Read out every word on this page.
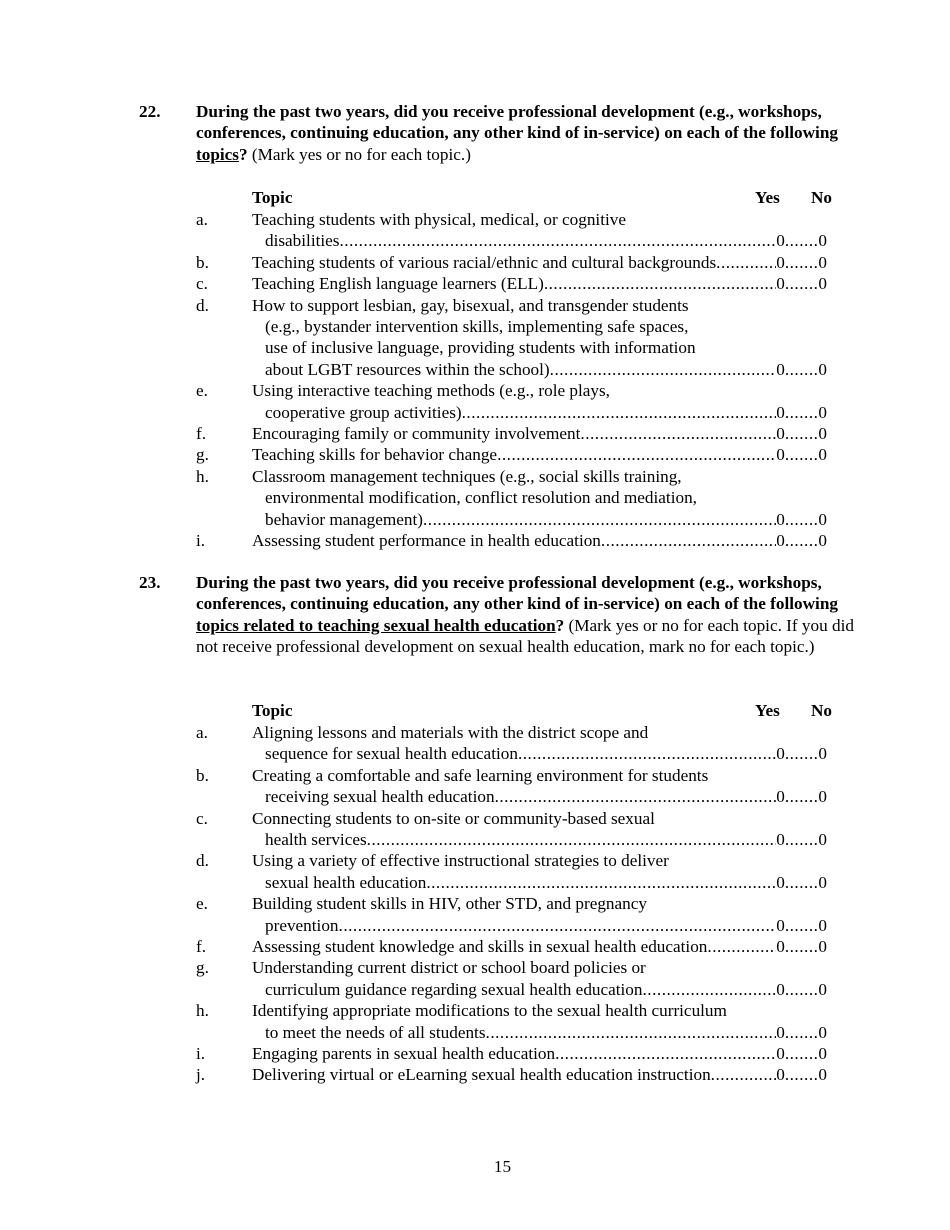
22. During the past two years, did you receive professional development (e.g., workshops, conferences, continuing education, any other kind of in-service) on each of the following topics? (Mark yes or no for each topic.)
Topic	Yes No
a.	Teaching students with physical, medical, or cognitive
disabilities .....	0 ....... 0
b.	Teaching students of various racial/ethnic and cultural backgrounds .....	0 ....... 0
c.	Teaching English language learners (ELL) .....	0 ....... 0
d.	How to support lesbian, gay, bisexual, and transgender students
(e.g., bystander intervention skills, implementing safe spaces,
use of inclusive language, providing students with information
about LGBT resources within the school) .....	0 ....... 0
e.	Using interactive teaching methods (e.g., role plays,
cooperative group activities) .....	0 ....... 0
f.	Encouraging family or community involvement .....	0 ....... 0
g.	Teaching skills for behavior change .....	0 ....... 0
h.	Classroom management techniques (e.g., social skills training,
environmental modification, conflict resolution and mediation,
behavior management) .....	0 ....... 0
i.	Assessing student performance in health education .....	0 ....... 0
23. During the past two years, did you receive professional development (e.g., workshops, conferences, continuing education, any other kind of in-service) on each of the following topics related to teaching sexual health education? (Mark yes or no for each topic. If you did not receive professional development on sexual health education, mark no for each topic.)
Topic	Yes No
a.	Aligning lessons and materials with the district scope and
sequence for sexual health education .....	0 ....... 0
b.	Creating a comfortable and safe learning environment for students
receiving sexual health education .....	0 ....... 0
c.	Connecting students to on-site or community-based sexual
health services .....	0 ....... 0
d.	Using a variety of effective instructional strategies to deliver
sexual health education .....	0 ....... 0
e.	Building student skills in HIV, other STD, and pregnancy
prevention .....	0 ....... 0
f.	Assessing student knowledge and skills in sexual health education .....	0 ....... 0
g.	Understanding current district or school board policies or
curriculum guidance regarding sexual health education .....	0 ....... 0
h.	Identifying appropriate modifications to the sexual health curriculum
to meet the needs of all students .....	0 ....... 0
i.	Engaging parents in sexual health education .....	0 ....... 0
j.	Delivering virtual or eLearning sexual health education instruction .....	0 ....... 0
15
